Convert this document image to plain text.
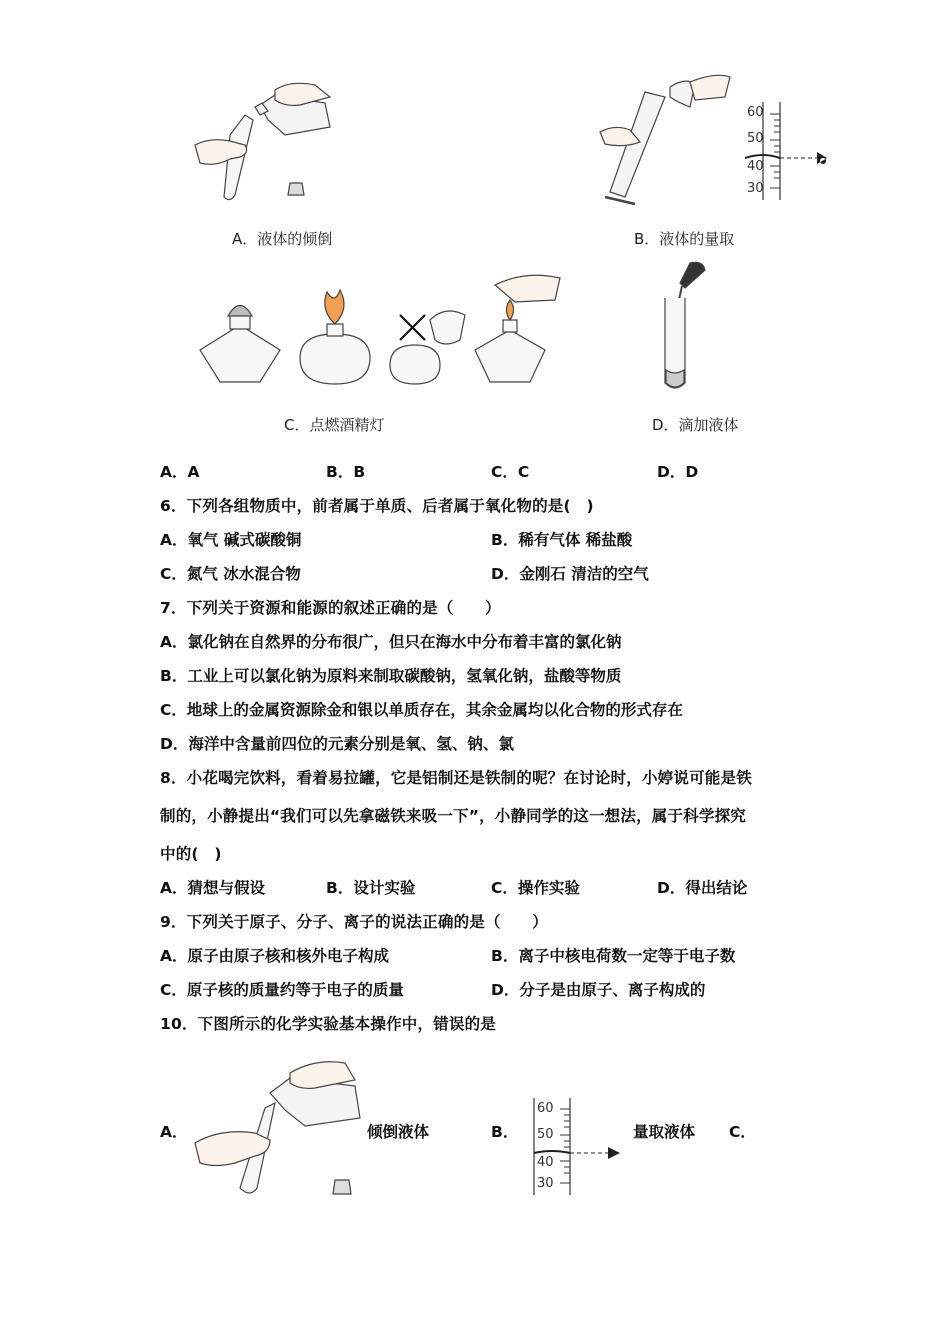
A．液体的倾倒
60
50
40
30
B．液体的量取
C．点燃酒精灯	D．滴加液体
A．A	B．B	C．C	D．D
6．下列各组物质中，前者属于单质、后者属于氧化物的是(　)
A．氧气 碱式碳酸铜	B．稀有气体 稀盐酸
C．氮气 冰水混合物	D．金刚石 清洁的空气
7．下列关于资源和能源的叙述正确的是（　　）
A．氯化钠在自然界的分布很广，但只在海水中分布着丰富的氯化钠
B．工业上可以氯化钠为原料来制取碳酸钠，氢氧化钠，盐酸等物质
C．地球上的金属资源除金和银以单质存在，其余金属均以化合物的形式存在
D．海洋中含量前四位的元素分别是氧、氢、钠、氯
8．小花喝完饮料，看着易拉罐，它是铝制还是铁制的呢？在讨论时，小婷说可能是铁
制的，小静提出“我们可以先拿磁铁来吸一下”，小静同学的这一想法，属于科学探究
中的(　)
A．猜想与假设	B．设计实验	C．操作实验	D．得出结论
9．下列关于原子、分子、离子的说法正确的是（　　）
A．原子由原子核和核外电子构成	B．离子中核电荷数一定等于电子数
C．原子核的质量约等于电子的质量	D．分子是由原子、离子构成的
10．下图所示的化学实验基本操作中，错误的是
A．	倾倒液体	B．
60
50
40
30
量取液体 C．
